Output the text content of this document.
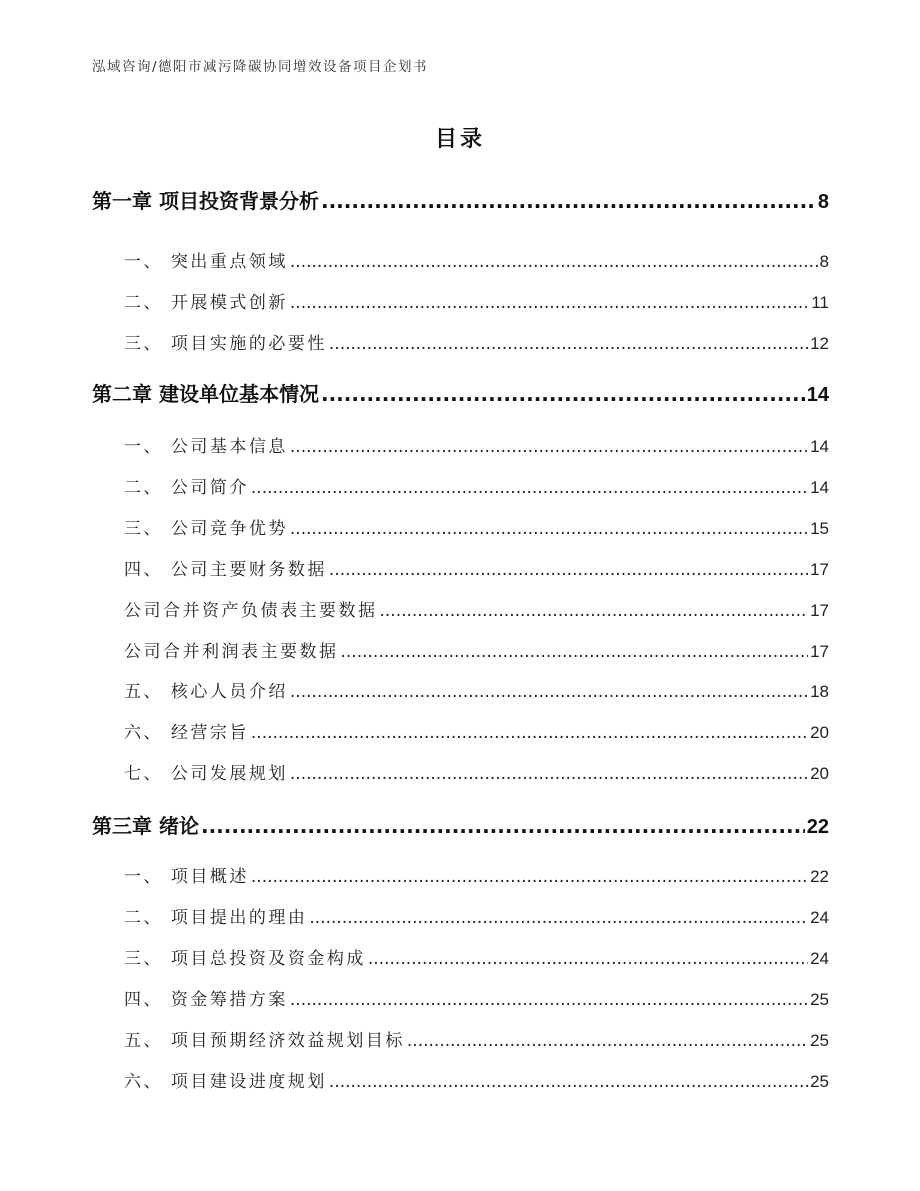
泓域咨询/德阳市减污降碳协同增效设备项目企划书
目录
第一章 项目投资背景分析 .....	8
一、 突出重点领域 .....	8
二、 开展模式创新 .....	11
三、 项目实施的必要性 .....	12
第二章 建设单位基本情况 .....	14
一、 公司基本信息 .....	14
二、 公司简介 .....	14
三、 公司竞争优势 .....	15
四、 公司主要财务数据 .....	17
公司合并资产负债表主要数据 .....	17
公司合并利润表主要数据 .....	17
五、 核心人员介绍 .....	18
六、 经营宗旨 .....	20
七、 公司发展规划 .....	20
第三章 绪论 .....	22
一、 项目概述 .....	22
二、 项目提出的理由 .....	24
三、 项目总投资及资金构成 .....	24
四、 资金筹措方案 .....	25
五、 项目预期经济效益规划目标 .....	25
六、 项目建设进度规划 .....	25
